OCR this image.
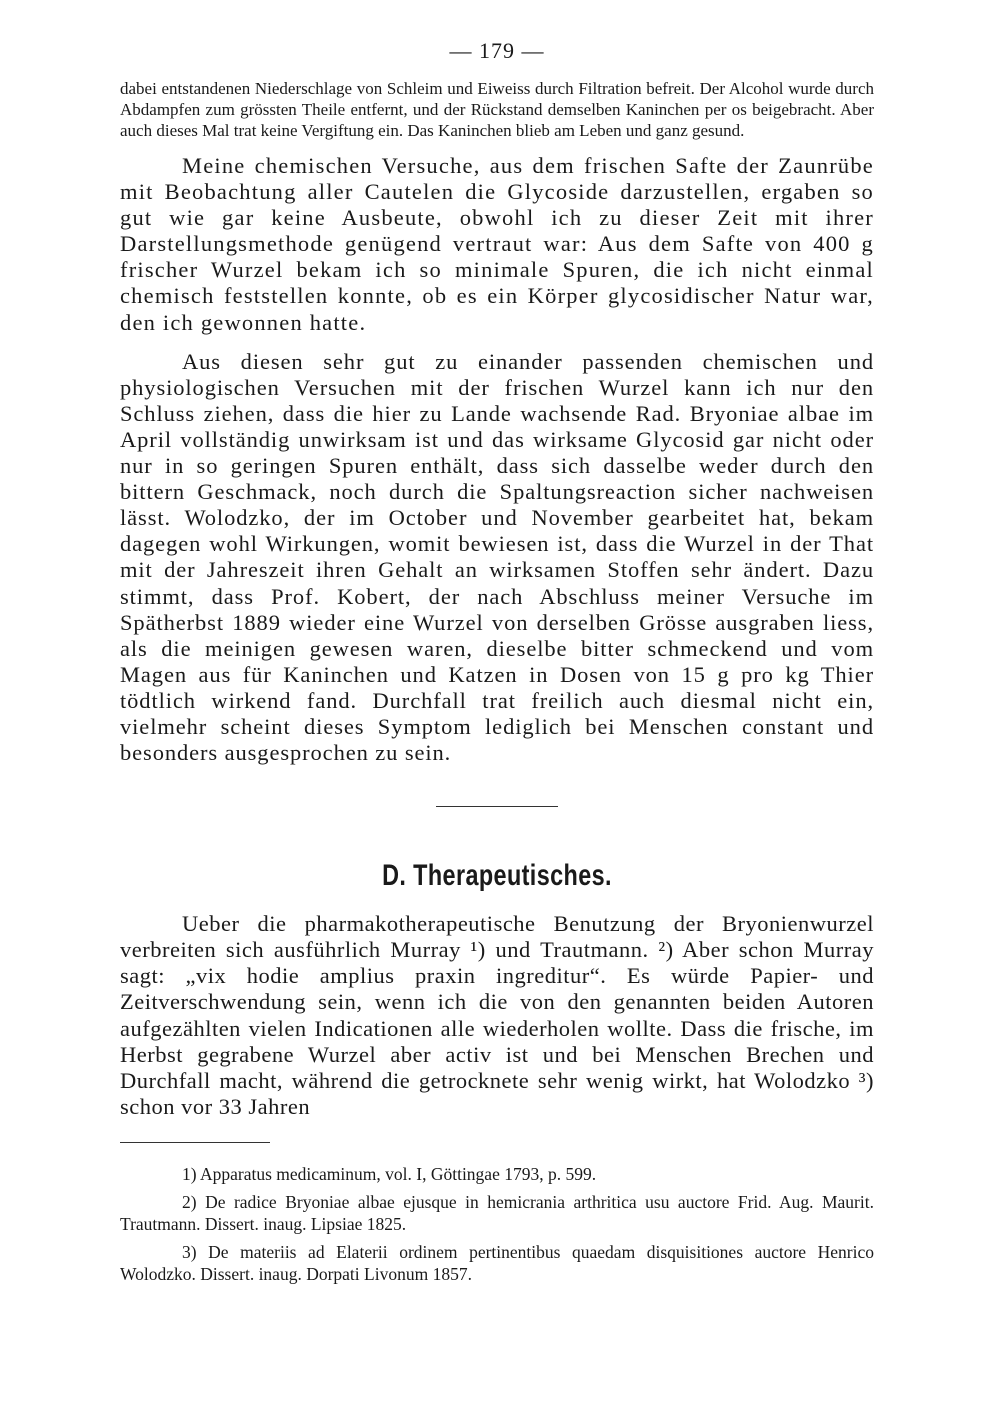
— 179 —

dabei entstandenen Niederschlage von Schleim und Eiweiss durch Filtration befreit. Der Alcohol wurde durch Abdampfen zum grössten Theile entfernt, und der Rückstand demselben Kaninchen per os beigebracht. Aber auch dieses Mal trat keine Vergiftung ein. Das Kaninchen blieb am Leben und ganz gesund.

Meine chemischen Versuche, aus dem frischen Safte der Zaunrübe mit Beobachtung aller Cautelen die Glycoside darzustellen, ergaben so gut wie gar keine Ausbeute, obwohl ich zu dieser Zeit mit ihrer Darstellungsmethode genügend vertraut war: Aus dem Safte von 400 g frischer Wurzel bekam ich so minimale Spuren, die ich nicht einmal chemisch feststellen konnte, ob es ein Körper glycosidischer Natur war, den ich gewonnen hatte.

Aus diesen sehr gut zu einander passenden chemischen und physiologischen Versuchen mit der frischen Wurzel kann ich nur den Schluss ziehen, dass die hier zu Lande wachsende Rad. Bryoniae albae im April vollständig unwirksam ist und das wirksame Glycosid gar nicht oder nur in so geringen Spuren enthält, dass sich dasselbe weder durch den bittern Geschmack, noch durch die Spaltungsreaction sicher nachweisen lässt. Wolodzko, der im October und November gearbeitet hat, bekam dagegen wohl Wirkungen, womit bewiesen ist, dass die Wurzel in der That mit der Jahreszeit ihren Gehalt an wirksamen Stoffen sehr ändert. Dazu stimmt, dass Prof. Kobert, der nach Abschluss meiner Versuche im Spätherbst 1889 wieder eine Wurzel von derselben Grösse ausgraben liess, als die meinigen gewesen waren, dieselbe bitter schmeckend und vom Magen aus für Kaninchen und Katzen in Dosen von 15 g pro kg Thier tödtlich wirkend fand. Durchfall trat freilich auch diesmal nicht ein, vielmehr scheint dieses Symptom lediglich bei Menschen constant und besonders ausgesprochen zu sein.

D. Therapeutisches.

Ueber die pharmakotherapeutische Benutzung der Bryonienwurzel verbreiten sich ausführlich Murray ¹) und Trautmann. ²) Aber schon Murray sagt: „vix hodie amplius praxin ingreditur“. Es würde Papier- und Zeitverschwendung sein, wenn ich die von den genannten beiden Autoren aufgezählten vielen Indicationen alle wiederholen wollte. Dass die frische, im Herbst gegrabene Wurzel aber activ ist und bei Menschen Brechen und Durchfall macht, während die getrocknete sehr wenig wirkt, hat Wolodzko ³) schon vor 33 Jahren

1) Apparatus medicaminum, vol. I, Göttingae 1793, p. 599.

2) De radice Bryoniae albae ejusque in hemicrania arthritica usu auctore Frid. Aug. Maurit. Trautmann. Dissert. inaug. Lipsiae 1825.

3) De materiis ad Elaterii ordinem pertinentibus quaedam disquisitiones auctore Henrico Wolodzko. Dissert. inaug. Dorpati Livonum 1857.
